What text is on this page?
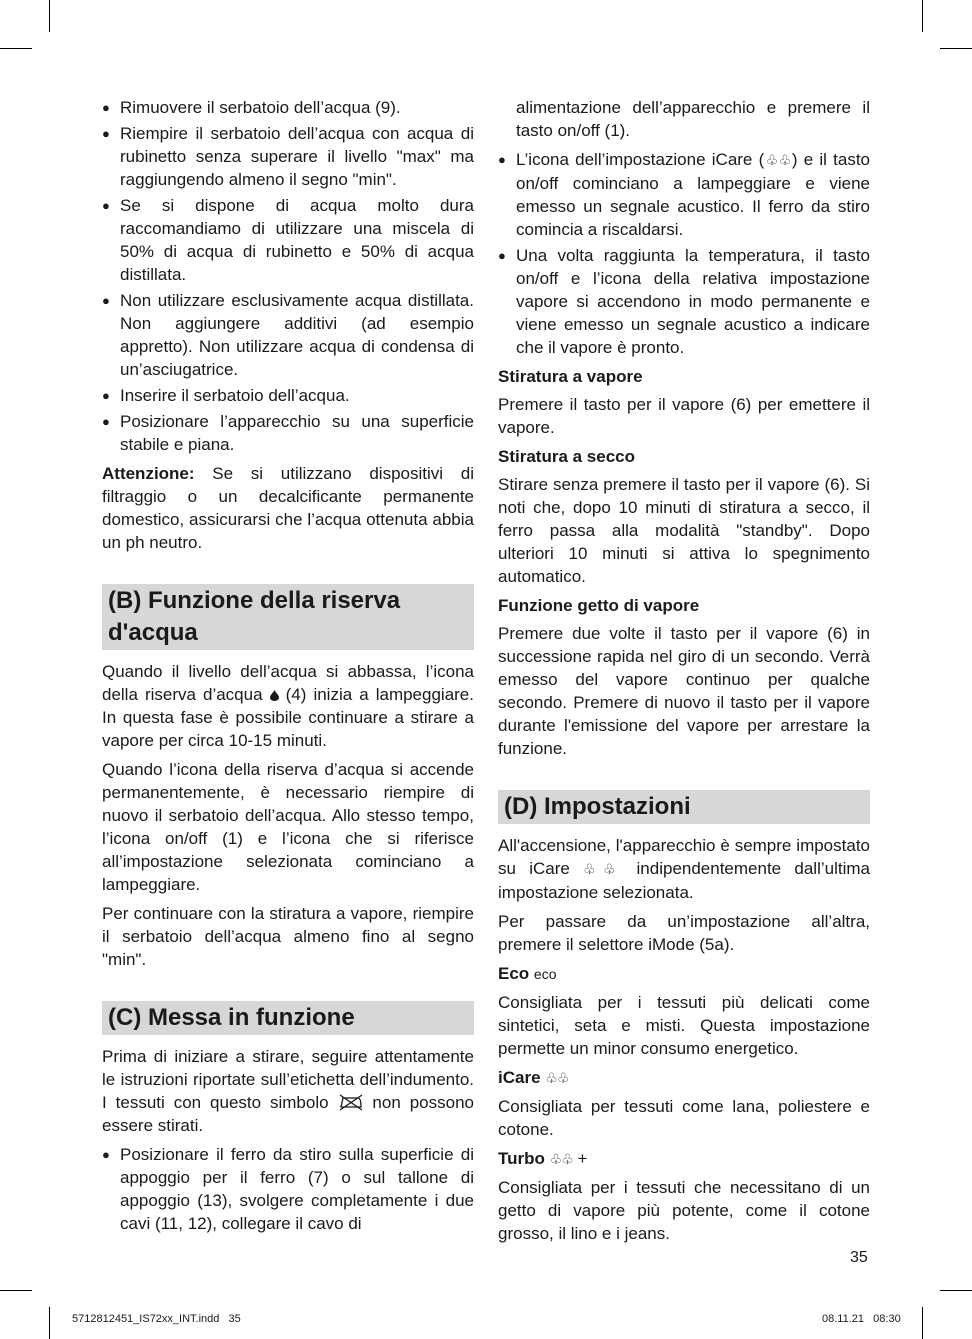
● Rimuovere il serbatoio dell’acqua (9).
● Riempire il serbatoio dell’acqua con acqua di rubinetto senza superare il livello "max" ma raggiungendo almeno il segno "min".
● Se si dispone di acqua molto dura raccomandiamo di utilizzare una miscela di 50% di acqua di rubinetto e 50% di acqua distillata.
● Non utilizzare esclusivamente acqua distillata. Non aggiungere additivi (ad esempio appretto). Non utilizzare acqua di condensa di un’asciugatrice.
● Inserire il serbatoio dell’acqua.
● Posizionare l’apparecchio su una superficie stabile e piana.

Attenzione: Se si utilizzano dispositivi di filtraggio o un decalcificante permanente domestico, assicurarsi che l’acqua ottenuta abbia un ph neutro.

(B) Funzione della riserva d'acqua

Quando il livello dell’acqua si abbassa, l’icona della riserva d’acqua  (4) inizia a lampeggiare. In questa fase è possibile continuare a stirare a vapore per circa 10-15 minuti.

Quando l’icona della riserva d’acqua si accende permanentemente, è necessario riempire di nuovo il serbatoio dell’acqua. Allo stesso tempo, l’icona on/off (1) e l’icona che si riferisce all’impostazione selezionata cominciano a lampeggiare.

Per continuare con la stiratura a vapore, riempire il serbatoio dell’acqua almeno fino al segno "min".

(C) Messa in funzione

Prima di iniziare a stirare, seguire attentamente le istruzioni riportate sull’etichetta dell’indumento. I tessuti con questo simbolo  non possono essere stirati.

● Posizionare il ferro da stiro sulla superficie di appoggio per il ferro (7) o sul tallone di appoggio (13), svolgere completamente i due cavi (11, 12), collegare il cavo di

alimentazione dell’apparecchio e premere il tasto on/off (1).

● L’icona dell’impostazione iCare (♧♧) e il tasto on/off cominciano a lampeggiare e viene emesso un segnale acustico. Il ferro da stiro comincia a riscaldarsi.
● Una volta raggiunta la temperatura, il tasto on/off e l’icona della relativa impostazione vapore si accendono in modo permanente e viene emesso un segnale acustico a indicare che il vapore è pronto.
Stiratura a vapore

Premere il tasto per il vapore (6) per emettere il vapore.

Stiratura a secco

Stirare senza premere il tasto per il vapore (6). Si noti che, dopo 10 minuti di stiratura a secco, il ferro passa alla modalità "standby". Dopo ulteriori 10 minuti si attiva lo spegnimento automatico.

Funzione getto di vapore

Premere due volte il tasto per il vapore (6) in successione rapida nel giro di un secondo. Verrà emesso del vapore continuo per qualche secondo. Premere di nuovo il tasto per il vapore durante l'emissione del vapore per arrestare la funzione.

(D) Impostazioni

All'accensione, l'apparecchio è sempre impostato su iCare ♧♧ indipendentemente dall’ultima impostazione selezionata.

Per passare da un’impostazione all’altra, premere il selettore iMode (5a).

Eco eco

Consigliata per i tessuti più delicati come sintetici, seta e misti. Questa impostazione permette un minor consumo energetico.

iCare ♧♧

Consigliata per tessuti come lana, poliestere e cotone.

Turbo ♧♧ +

Consigliata per i tessuti che necessitano di un getto di vapore più potente, come il cotone grosso, il lino e i jeans.

35
5712812451_IS72xx_INT.indd   35	08.11.21   08:30
